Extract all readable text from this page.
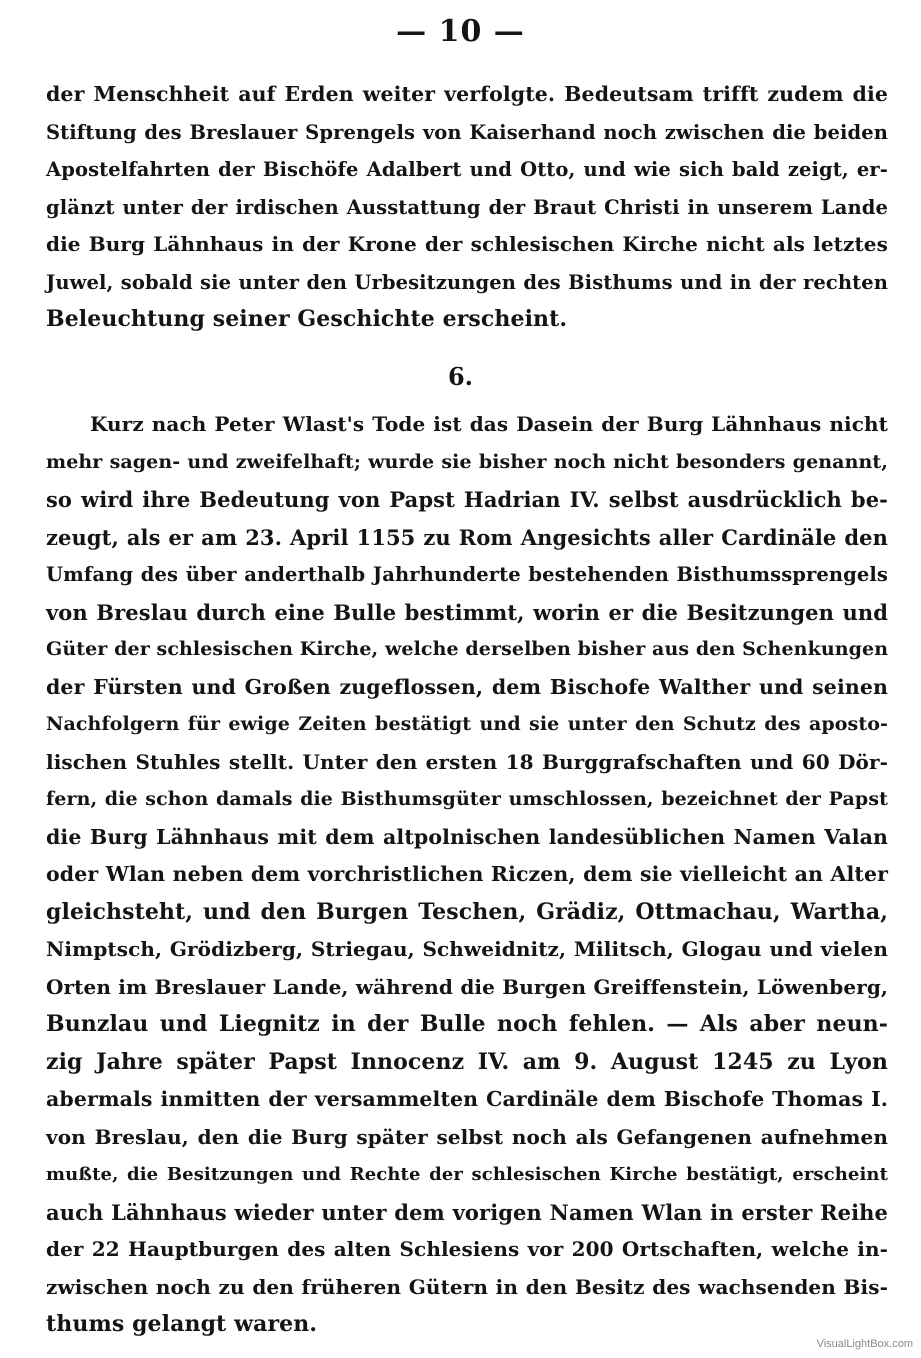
— 10 —
der Menschheit auf Erden weiter verfolgte. Bedeutsam trifft zudem die
Stiftung des Breslauer Sprengels von Kaiserhand noch zwischen die beiden
Apostelfahrten der Bischöfe Adalbert und Otto, und wie sich bald zeigt, er-
glänzt unter der irdischen Ausstattung der Braut Christi in unserem Lande
die Burg Lähnhaus in der Krone der schlesischen Kirche nicht als letztes
Juwel, sobald sie unter den Urbesitzungen des Bisthums und in der rechten
Beleuchtung seiner Geschichte erscheint.
6.
Kurz nach Peter Wlast's Tode ist das Dasein der Burg Lähnhaus nicht
mehr sagen- und zweifelhaft; wurde sie bisher noch nicht besonders genannt,
so wird ihre Bedeutung von Papst Hadrian IV. selbst ausdrücklich be-
zeugt, als er am 23. April 1155 zu Rom Angesichts aller Cardinäle den
Umfang des über anderthalb Jahrhunderte bestehenden Bisthumssprengels
von Breslau durch eine Bulle bestimmt, worin er die Besitzungen und
Güter der schlesischen Kirche, welche derselben bisher aus den Schenkungen
der Fürsten und Großen zugeflossen, dem Bischofe Walther und seinen
Nachfolgern für ewige Zeiten bestätigt und sie unter den Schutz des aposto-
lischen Stuhles stellt. Unter den ersten 18 Burggrafschaften und 60 Dör-
fern, die schon damals die Bisthumsgüter umschlossen, bezeichnet der Papst
die Burg Lähnhaus mit dem altpolnischen landesüblichen Namen Valan
oder Wlan neben dem vorchristlichen Riczen, dem sie vielleicht an Alter
gleichsteht, und den Burgen Teschen, Grädiz, Ottmachau, Wartha,
Nimptsch, Grödizberg, Striegau, Schweidnitz, Militsch, Glogau und vielen
Orten im Breslauer Lande, während die Burgen Greiffenstein, Löwenberg,
Bunzlau und Liegnitz in der Bulle noch fehlen. — Als aber neun-
zig Jahre später Papst Innocenz IV. am 9. August 1245 zu Lyon
abermals inmitten der versammelten Cardinäle dem Bischofe Thomas I.
von Breslau, den die Burg später selbst noch als Gefangenen aufnehmen
mußte, die Besitzungen und Rechte der schlesischen Kirche bestätigt, erscheint
auch Lähnhaus wieder unter dem vorigen Namen Wlan in erster Reihe
der 22 Hauptburgen des alten Schlesiens vor 200 Ortschaften, welche in-
zwischen noch zu den früheren Gütern in den Besitz des wachsenden Bis-
thums gelangt waren.
VisualLightBox.com
